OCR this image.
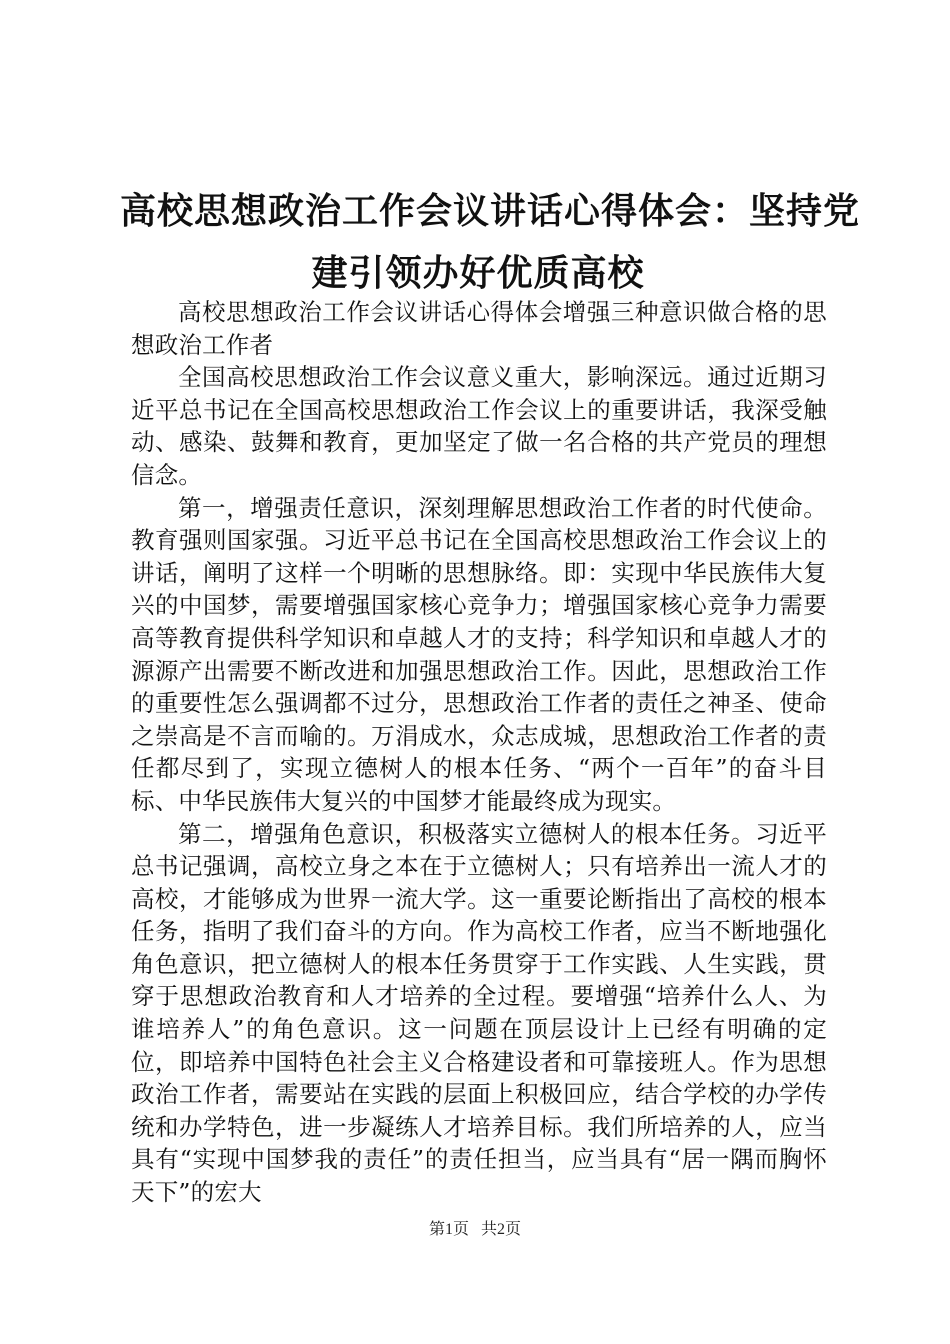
高校思想政治工作会议讲话心得体会：坚持党
建引领办好优质高校

高校思想政治工作会议讲话心得体会增强三种意识做合格的思想政治工作者

全国高校思想政治工作会议意义重大，影响深远。通过近期习近平总书记在全国高校思想政治工作会议上的重要讲话，我深受触动、感染、鼓舞和教育，更加坚定了做一名合格的共产党员的理想信念。

第一，增强责任意识，深刻理解思想政治工作者的时代使命。教育强则国家强。习近平总书记在全国高校思想政治工作会议上的讲话，阐明了这样一个明晰的思想脉络。即：实现中华民族伟大复兴的中国梦，需要增强国家核心竞争力；增强国家核心竞争力需要高等教育提供科学知识和卓越人才的支持；科学知识和卓越人才的源源产出需要不断改进和加强思想政治工作。因此，思想政治工作的重要性怎么强调都不过分，思想政治工作者的责任之神圣、使命之崇高是不言而喻的。万涓成水，众志成城，思想政治工作者的责任都尽到了，实现立德树人的根本任务、“两个一百年”的奋斗目标、中华民族伟大复兴的中国梦才能最终成为现实。

第二，增强角色意识，积极落实立德树人的根本任务。习近平总书记强调，高校立身之本在于立德树人；只有培养出一流人才的高校，才能够成为世界一流大学。这一重要论断指出了高校的根本任务，指明了我们奋斗的方向。作为高校工作者，应当不断地强化角色意识，把立德树人的根本任务贯穿于工作实践、人生实践，贯穿于思想政治教育和人才培养的全过程。要增强“培养什么人、为谁培养人”的角色意识。这一问题在顶层设计上已经有明确的定位，即培养中国特色社会主义合格建设者和可靠接班人。作为思想政治工作者，需要站在实践的层面上积极回应，结合学校的办学传统和办学特色，进一步凝练人才培养目标。我们所培养的人，应当具有“实现中国梦我的责任”的责任担当，应当具有“居一隅而胸怀天下”的宏大

第1页 共2页
